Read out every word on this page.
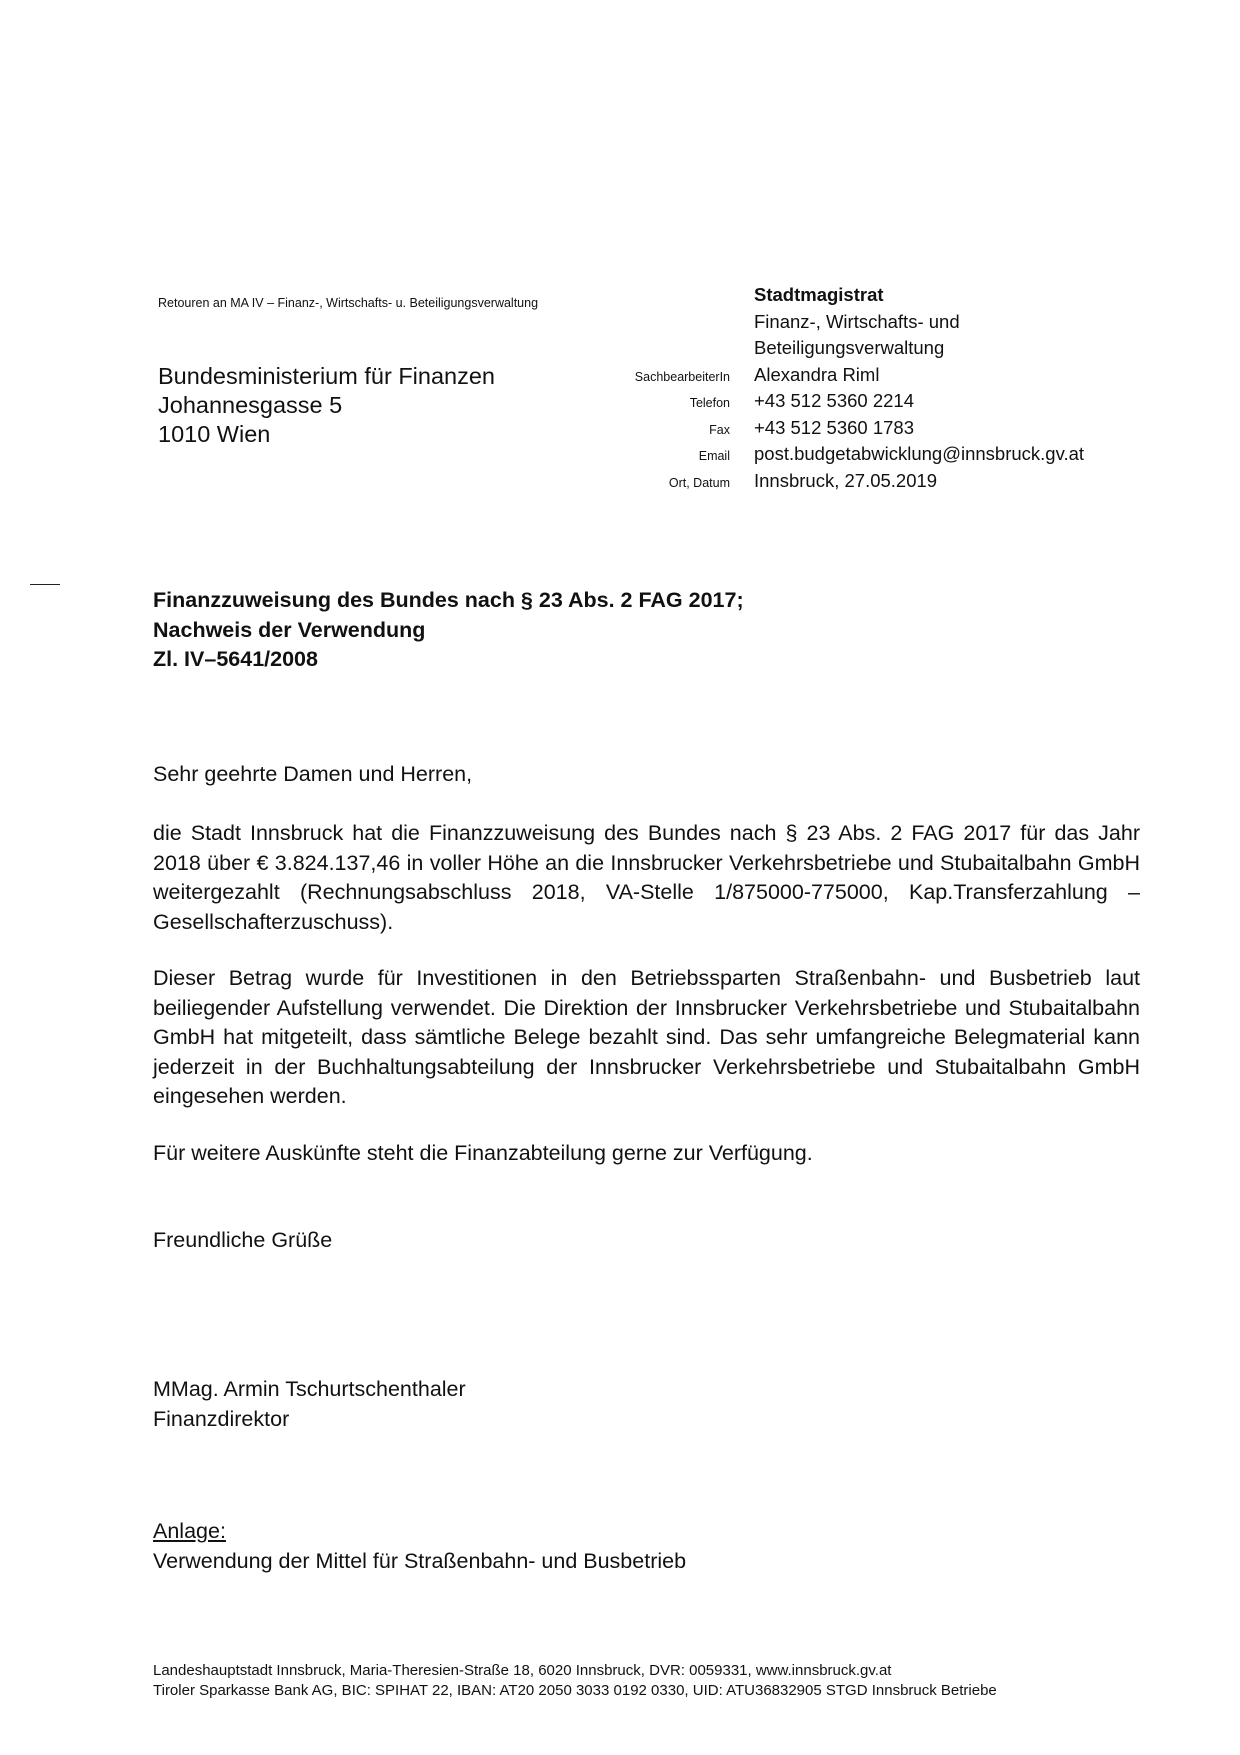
Retouren an MA IV – Finanz-, Wirtschafts- u. Beteiligungsverwaltung
Bundesministerium für Finanzen
Johannesgasse 5
1010 Wien
Stadtmagistrat
Finanz-, Wirtschafts- und
Beteiligungsverwaltung
SachbearbeiterIn	Alexandra Riml
Telefon	+43 512 5360 2214
Fax	+43 512 5360 1783
Email	post.budgetabwicklung@innsbruck.gv.at
Ort, Datum	Innsbruck, 27.05.2019
Finanzzuweisung des Bundes nach § 23 Abs. 2 FAG 2017;
Nachweis der Verwendung
Zl. IV–5641/2008
Sehr geehrte Damen und Herren,

die Stadt Innsbruck hat die Finanzzuweisung des Bundes nach § 23 Abs. 2 FAG 2017 für das Jahr 2018 über € 3.824.137,46 in voller Höhe an die Innsbrucker Verkehrsbetriebe und Stubaitalbahn GmbH weitergezahlt (Rechnungsabschluss 2018, VA-Stelle 1/875000-775000, Kap.Transferzahlung – Gesellschafterzuschuss).

Dieser Betrag wurde für Investitionen in den Betriebssparten Straßenbahn- und Busbetrieb laut beiliegender Aufstellung verwendet. Die Direktion der Innsbrucker Verkehrsbetriebe und Stubaitalbahn GmbH hat mitgeteilt, dass sämtliche Belege bezahlt sind. Das sehr umfangreiche Belegmaterial kann jederzeit in der Buchhaltungsabteilung der Innsbrucker Verkehrsbetriebe und Stubaitalbahn GmbH eingesehen werden.

Für weitere Auskünfte steht die Finanzabteilung gerne zur Verfügung.

Freundliche Grüße
MMag. Armin Tschurtschenthaler
Finanzdirektor
Anlage:
Verwendung der Mittel für Straßenbahn- und Busbetrieb
Landeshauptstadt Innsbruck, Maria-Theresien-Straße 18, 6020 Innsbruck, DVR: 0059331, www.innsbruck.gv.at
Tiroler Sparkasse Bank AG, BIC: SPIHAT 22, IBAN: AT20 2050 3033 0192 0330, UID: ATU36832905 STGD Innsbruck Betriebe
